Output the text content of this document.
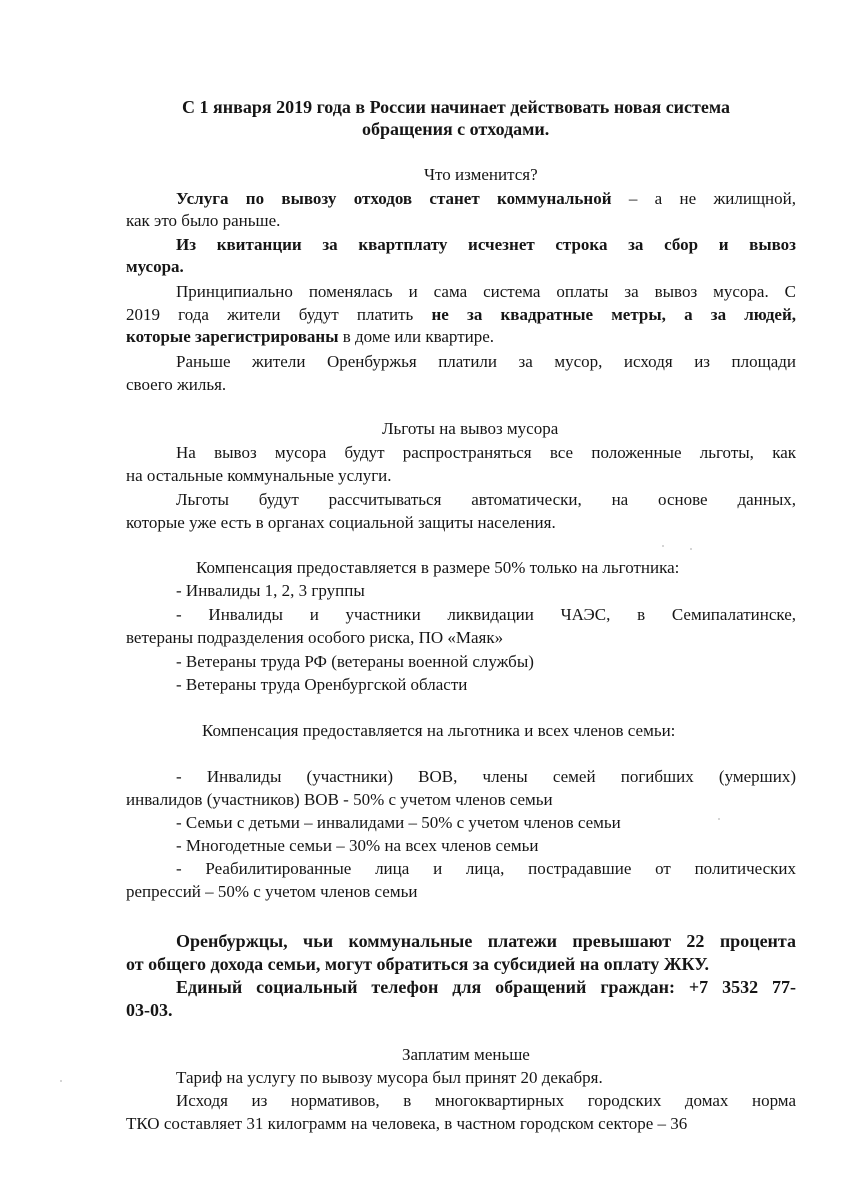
С 1 января 2019 года в России начинает действовать новая система

обращения с отходами.

Что изменится?

Услуга по вывозу отходов станет коммунальной – а не жилищной,

как это было раньше.

Из квитанции за квартплату исчезнет строка за сбор и вывоз

мусора.

Принципиально поменялась и сама система оплаты за вывоз мусора. С

2019 года жители будут платить не за квадратные метры, а за людей,

которые зарегистрированы в доме или квартире.

Раньше жители Оренбуржья платили за мусор, исходя из площади

своего жилья.

Льготы на вывоз мусора

На вывоз мусора будут распространяться все положенные льготы, как

на остальные коммунальные услуги.

Льготы будут рассчитываться автоматически, на основе данных,

которые уже есть в органах социальной защиты населения.

Компенсация предоставляется в размере 50% только на льготника:

- Инвалиды 1, 2, 3 группы

- Инвалиды и участники ликвидации ЧАЭС, в Семипалатинске,

ветераны подразделения особого риска, ПО «Маяк»

- Ветераны труда РФ (ветераны военной службы)

- Ветераны труда Оренбургской области

Компенсация предоставляется на льготника и всех членов семьи:

- Инвалиды (участники) ВОВ, члены семей погибших (умерших)

инвалидов (участников) ВОВ - 50% с учетом членов семьи

- Семьи с детьми – инвалидами – 50% с учетом членов семьи

- Многодетные семьи – 30% на всех членов семьи

- Реабилитированные лица и лица, пострадавшие от политических

репрессий – 50% с учетом членов семьи

Оренбуржцы, чьи коммунальные платежи превышают 22 процента

от общего дохода семьи, могут обратиться за субсидией на оплату ЖКУ.

Единый социальный телефон для обращений граждан: +7 3532 77-

03-03.

Заплатим меньше

Тариф на услугу по вывозу мусора был принят 20 декабря.

Исходя из нормативов, в многоквартирных городских домах норма

ТКО составляет 31 килограмм на человека, в частном городском секторе – 36
